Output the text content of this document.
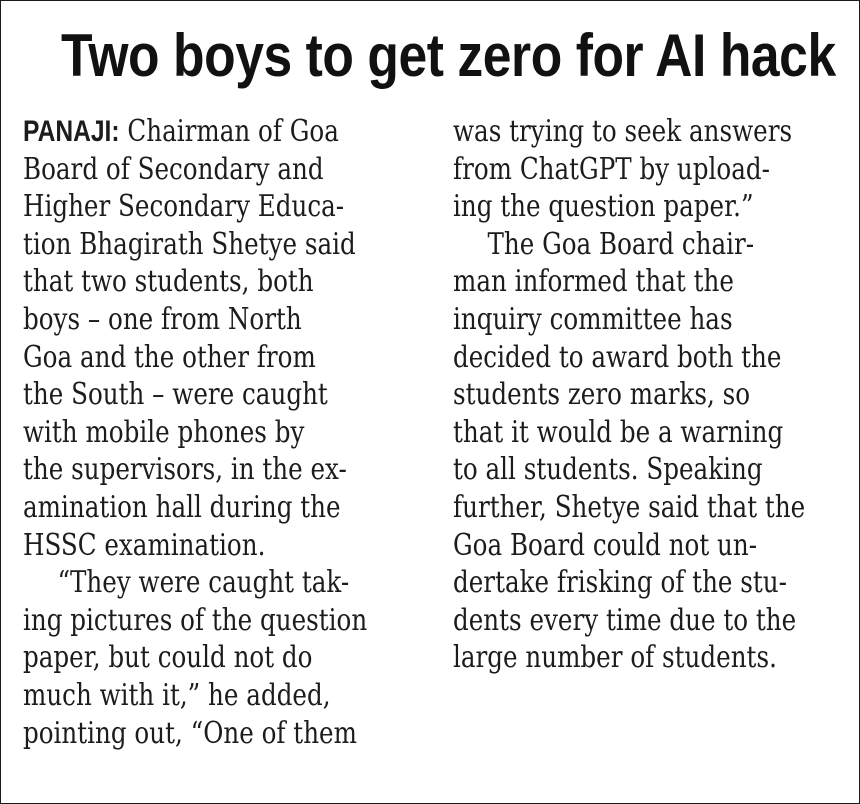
Two boys to get zero for AI hack
PANAJI: Chairman of Goa
Board of Secondary and
Higher Secondary Educa-
tion Bhagirath Shetye said
that two students, both
boys – one from North
Goa and the other from
the South – were caught
with mobile phones by
the supervisors, in the ex-
amination hall during the
HSSC examination.
“They were caught tak-
ing pictures of the question
paper, but could not do
much with it,” he added,
pointing out, “One of them
was trying to seek answers
from ChatGPT by upload-
ing the question paper.”
The Goa Board chair-
man informed that the
inquiry committee has
decided to award both the
students zero marks, so
that it would be a warning
to all students. Speaking
further, Shetye said that the
Goa Board could not un-
dertake frisking of the stu-
dents every time due to the
large number of students.
